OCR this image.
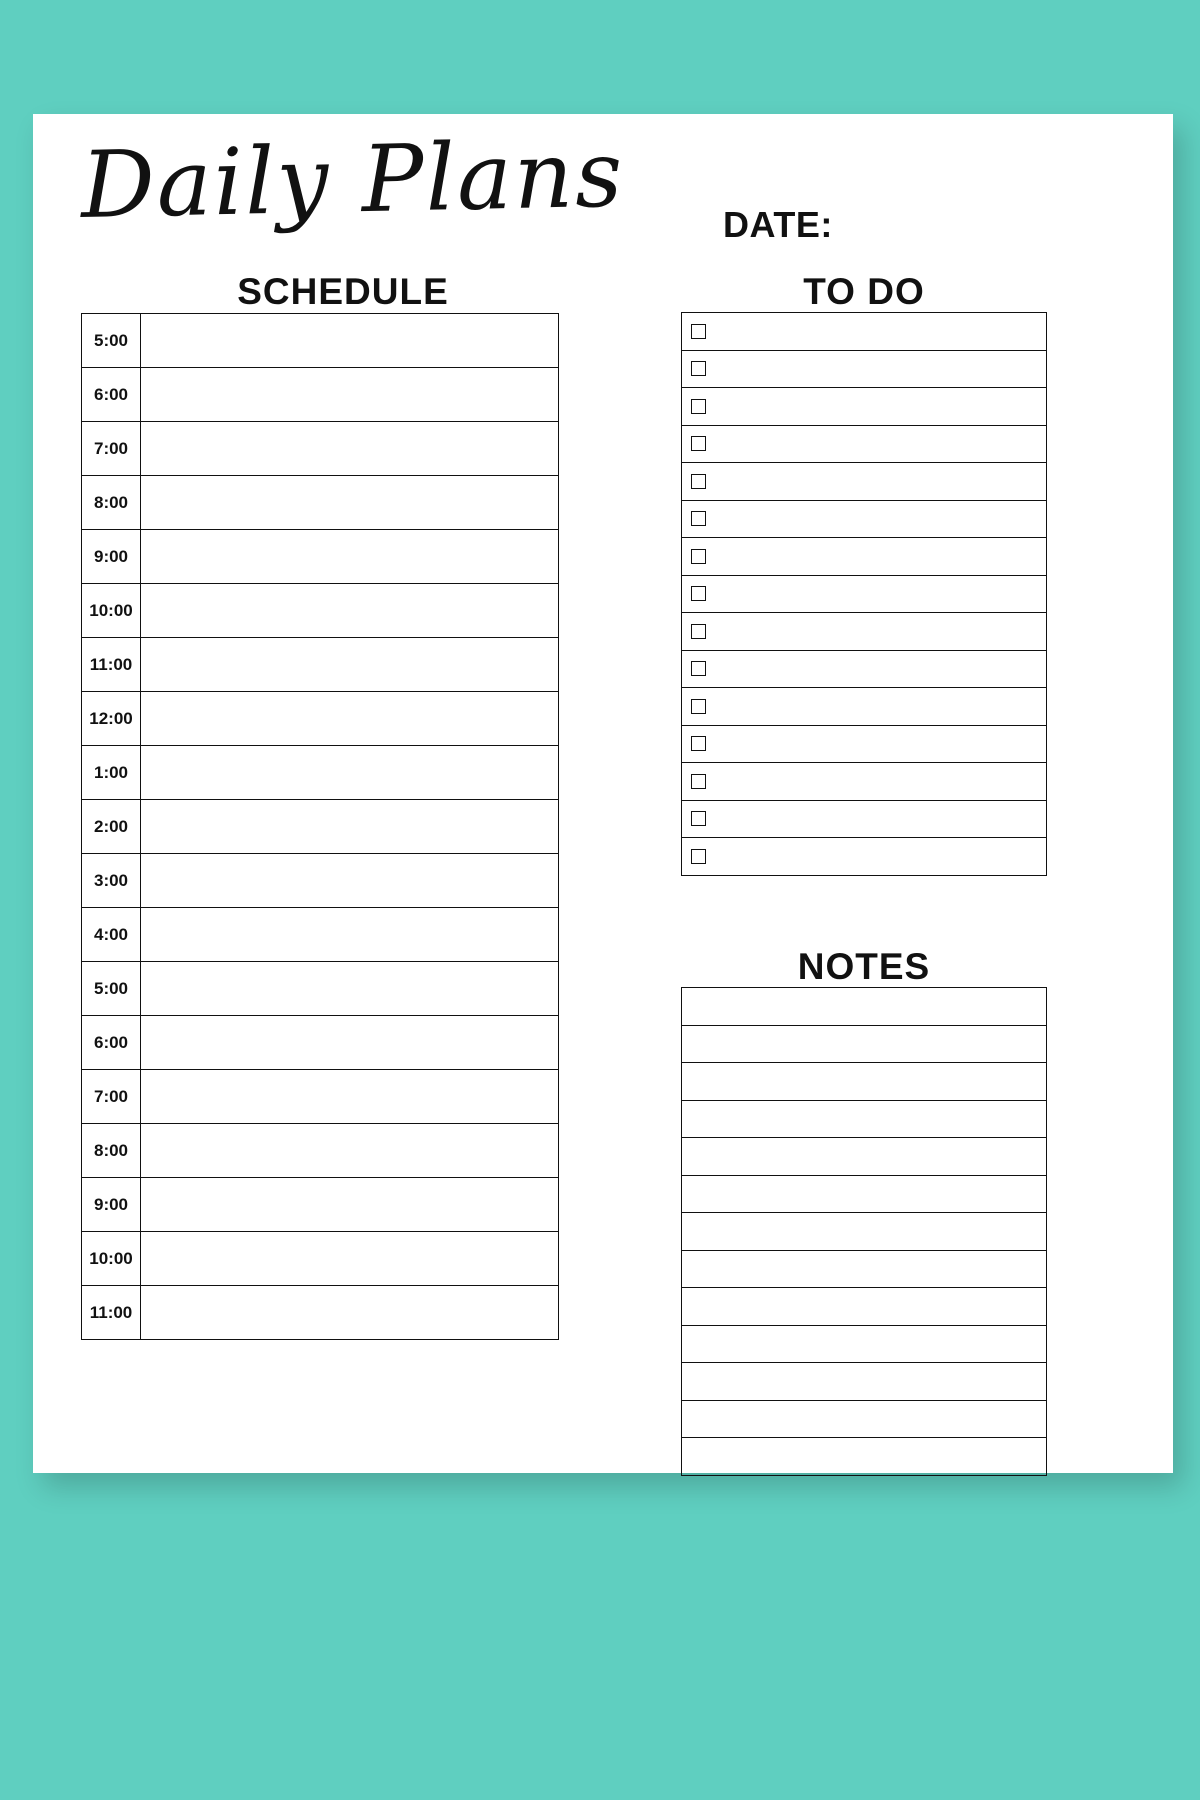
Daily Plans	DATE:
SCHEDULE	TO DO
NOTES
5:00	
6:00	
7:00	
8:00	
9:00	
10:00	
11:00	
12:00	
1:00	
2:00	
3:00	
4:00	
5:00	
6:00	
7:00	
8:00	
9:00	
10:00	
11:00	
